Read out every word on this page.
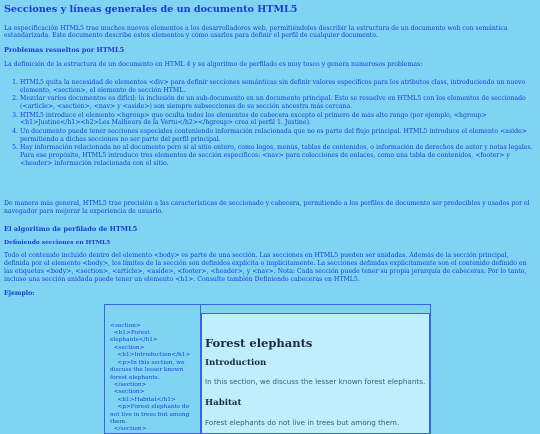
Secciones y líneas generales de un documento HTML5

La especificación HTML5 trae muchos nuevos elementos a los desarrolladores web, permitiéndoles describir la estructura de un documento web con semántica estandarizada. Este documento describe estos elementos y cómo usarlos para definir el perfil de cualquier documento.

Problemas resueltos por HTML5

La definición de la estructura de un documento en HTML 4 y su algoritmo de perfilado es muy tosco y genera numerosos problemas:

1. HTML5 quita la necesidad de elementos <div> para definir secciones semánticas sin definir valores específicos para los atributos class, introduciendo un nuevo elemento, <section>, el elemento de sección HTML.
2. Mezclar varios documentos es difícil: la inclusión de un sub-documento en un documento principal. Esto se resuelve en HTML5 con los elementos de seccionado (<article>, <section>, <nav> y <aside>) son siempre subsecciones de su sección ancestra más cercana.
3. HTML5 introduce el elemento <hgroup> que oculta todos los elementos de cabecera excepto el primero de más alto rango (por ejemplo, <hgroup><h1>Justine</h1><h2>Les Malheurs de la Vertu</h2></hgroup> crea el perfil 1. Justine).
4. Un documento puede tener secciones especiales conteniendo información relacionada que no es parte del flujo principal. HTML5 introduce el elemento <aside> permitiendo a dichas secciones no ser parte del perfil principal.
5. Hay información relacionada no al documento pero sí al sitio entero, como logos, menús, tablas de contenidos, o información de derechos de autor y notas legales. Para ese propósito, HTML5 introduce tres elementos de sección específicos: <nav> para colecciones de enlaces, como una tabla de contenidos, <footer> y <header> información relacionada con el sitio.

De manera más general, HTML5 trae precisión a las características de seccionado y cabecera, permitiendo a los perfiles de documento ser predecibles y usados por el navegador para mejorar la experiencia de usuario.

El algoritmo de perfilado de HTML5
Definiendo secciones en HTML5

Todo el contenido incluido dentro del elemento <body> es parte de una sección. Las secciones en HTML5 pueden ser anidadas. Además de la sección principal, definida por el elemento <body>, los límites de la sección son definidos explícita o implícitamente. La secciones definidas explícitamente son el contenido definido en las etiquetas <body>, <section>, <article>, <aside>, <footer>, <header>, y <nav>. Nota: Cada sección puede tener su propia jerarquía de cabeceras. Por lo tanto, incluso una sección anidada puede tener un elemento <h1>. Consulte también Definiendo cabeceras en HTML5.

Ejemplo:

<section>
<h1>Forest elephants</h1>
<section>
<h1>Introduction</h1>
<p>In this section, we discuss the lesser known forest elephants.
</section>
<section>
<h1>Habitat</h1>
<p>Forest elephants do not live in trees but among them.
</section>
Forest elephants
Introduction

In this section, we discuss the lesser known forest elephants.

Habitat
Forest elephants do not live in trees but among them.
